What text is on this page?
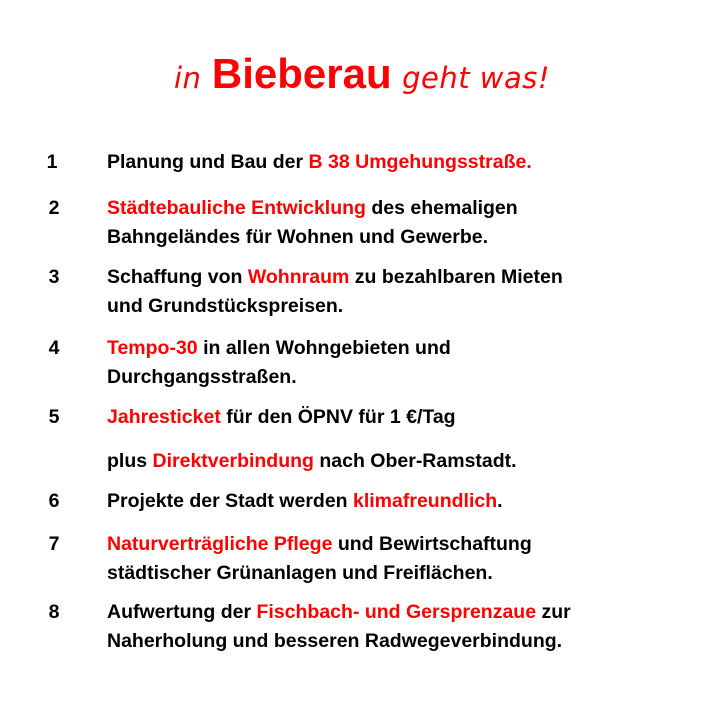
in Bieberau geht was!
1	Planung und Bau der B 38 Umgehungsstraße.
2 Städtebauliche Entwicklung des ehemaligen
Bahngeländes für Wohnen und Gewerbe.
3 Schaffung von Wohnraum zu bezahlbaren Mieten
und Grundstückspreisen.
4 Tempo-30 in allen Wohngebieten und
Durchgangsstraßen.
5 Jahresticket für den ÖPNV für 1 €/Tag
plus Direktverbindung nach Ober-Ramstadt.
6 Projekte der Stadt werden klimafreundlich.
7 Naturverträgliche Pflege und Bewirtschaftung
städtischer Grünanlagen und Freiflächen.
8 Aufwertung der Fischbach- und Gersprenzaue zur
Naherholung und besseren Radwegeverbindung.
